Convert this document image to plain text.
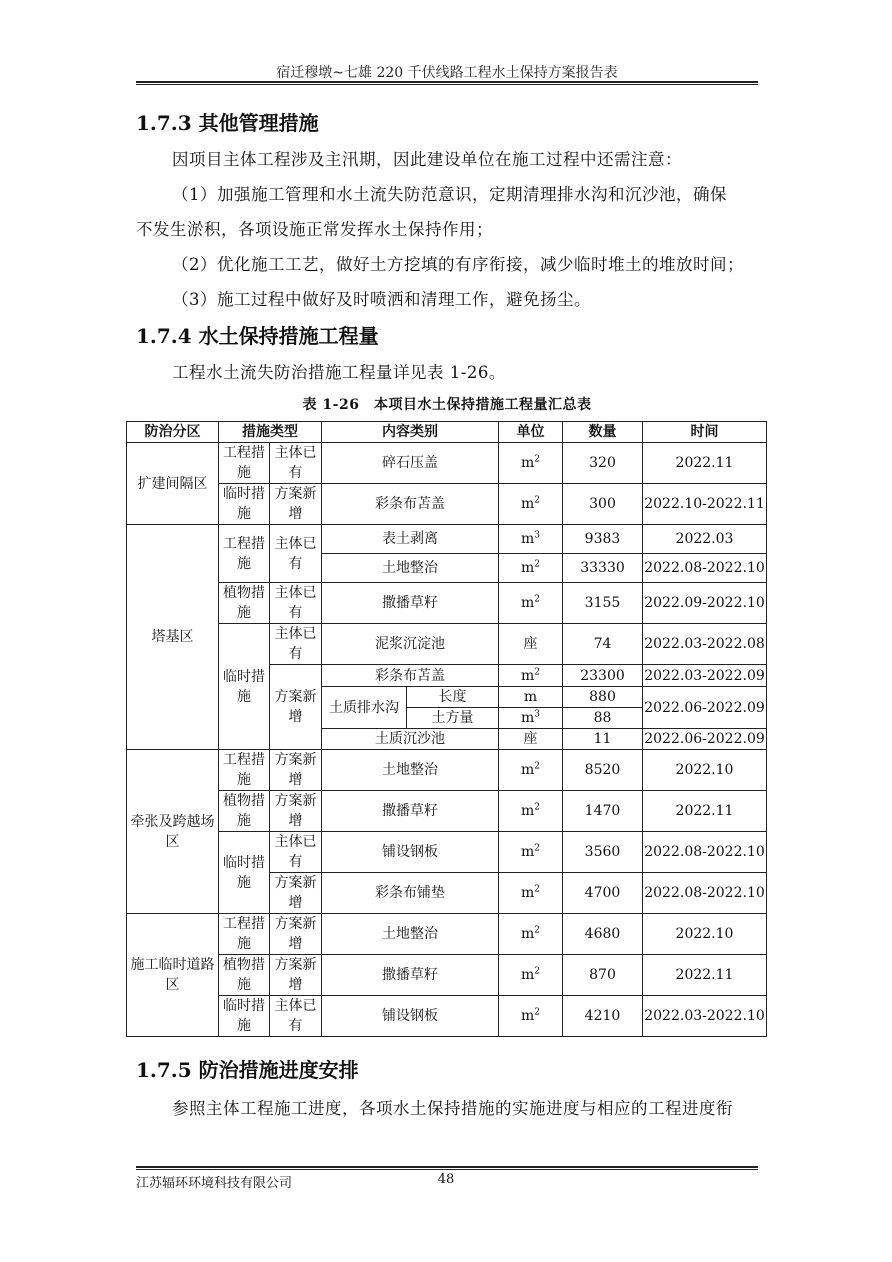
宿迁穆墩~七雄 220 千伏线路工程水土保持方案报告表
1.7.3 其他管理措施

因项目主体工程涉及主汛期，因此建设单位在施工过程中还需注意：

（1）加强施工管理和水土流失防范意识，定期清理排水沟和沉沙池，确保

不发生淤积，各项设施正常发挥水土保持作用；

（2）优化施工工艺，做好土方挖填的有序衔接，减少临时堆土的堆放时间；

（3）施工过程中做好及时喷洒和清理工作，避免扬尘。

1.7.4 水土保持措施工程量

工程水土流失防治措施工程量详见表 1-26。

表 1-26　本项目水土保持措施工程量汇总表
防治分区	措施类型		内容类别		单位	数量	时间
扩建间隔区	工程措施	主体已有	碎石压盖		$m^2$	320	2022.11
	临时措施	方案新增	彩条布苫盖		$m^2$	300	2022.10-2022.11
塔基区	工程措施	主体已有	表土剥离		$m^3$	9383	2022.03
			土地整治		$m^2$	33330	2022.08-2022.10
	植物措施	主体已有	撒播草籽		$m^2$	3155	2022.09-2022.10
	临时措施	主体已有	泥浆沉淀池		座	74	2022.03-2022.08
		方案新增	彩条布苫盖		$m^2$	23300	2022.03-2022.09
			土质排水沟	长度	m	880	2022.06-2022.09
				土方量	$m^3$	88	
			土质沉沙池		座	11	2022.06-2022.09
牵张及跨越场区	工程措施	方案新增	土地整治		$m^2$	8520	2022.10
	植物措施	方案新增	撒播草籽		$m^2$	1470	2022.11
	临时措施	主体已有	铺设钢板		$m^2$	3560	2022.08-2022.10
		方案新增	彩条布铺垫		$m^2$	4700	2022.08-2022.10
施工临时道路区	工程措施	方案新增	土地整治		$m^2$	4680	2022.10
	植物措施	方案新增	撒播草籽		$m^2$	870	2022.11
	临时措施	主体已有	铺设钢板		$m^2$	4210	2022.03-2022.10
1.7.5 防治措施进度安排

参照主体工程施工进度，各项水土保持措施的实施进度与相应的工程进度衔

江苏辐环环境科技有限公司	48
